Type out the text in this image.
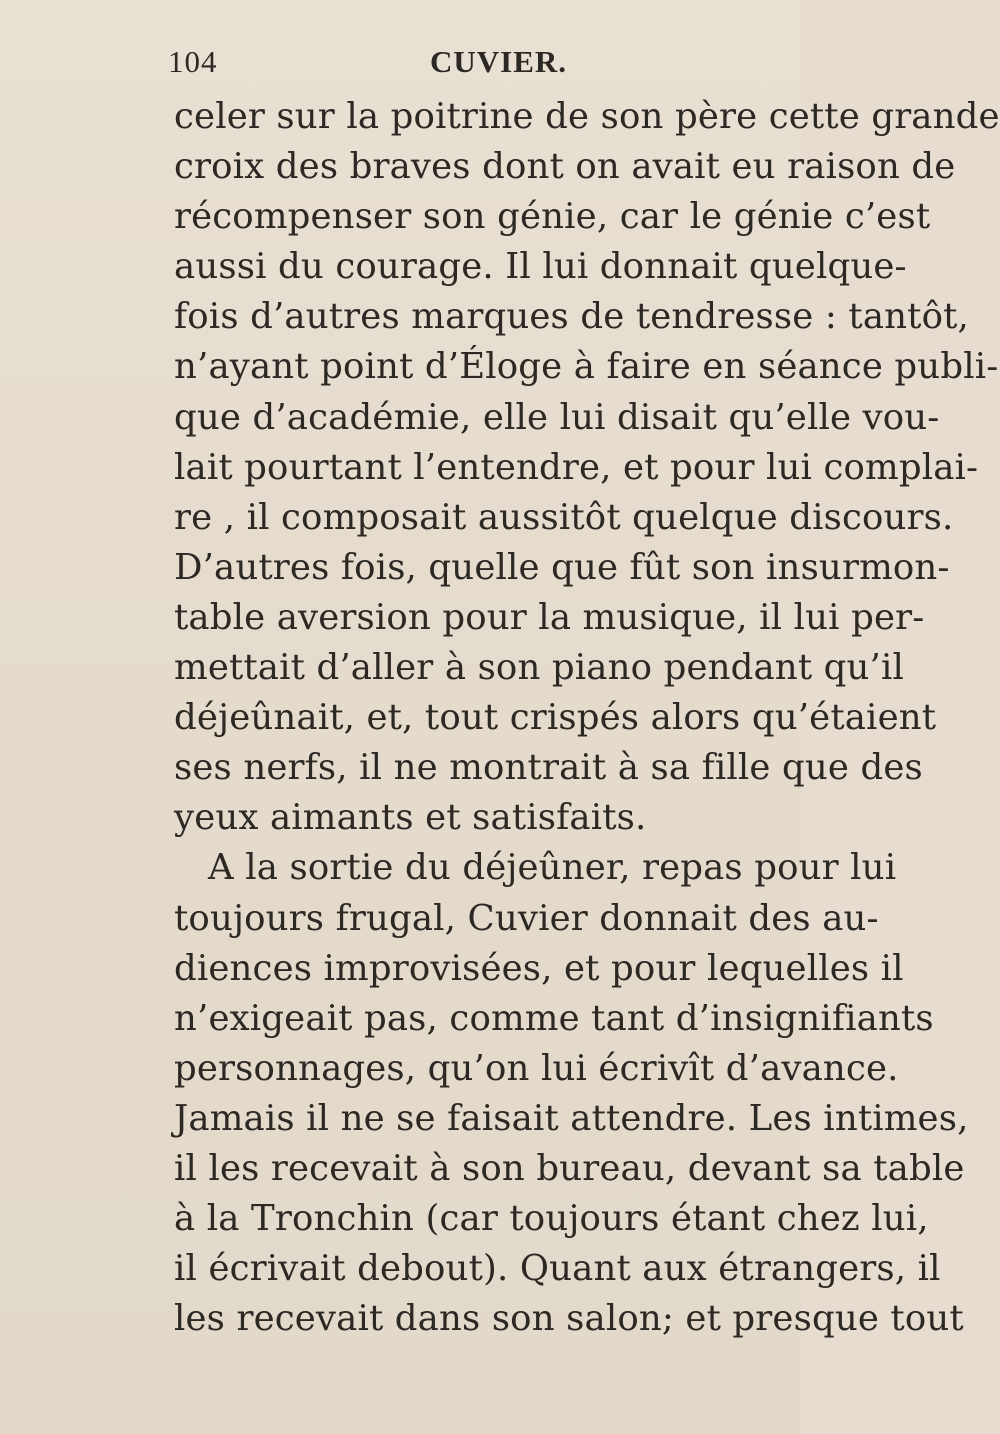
104	CUVIER.
celer sur la poitrine de son père cette grande
croix des braves dont on avait eu raison de
récompenser son génie, car le génie c’est
aussi du courage. Il lui donnait quelque-
fois d’autres marques de tendresse : tantôt,
n’ayant point d’Éloge à faire en séance publi-
que d’académie, elle lui disait qu’elle vou-
lait pourtant l’entendre, et pour lui complai-
re , il composait aussitôt quelque discours.
D’autres fois, quelle que fût son insurmon-
table aversion pour la musique, il lui per-
mettait d’aller à son piano pendant qu’il
déjeûnait, et, tout crispés alors qu’étaient
ses nerfs, il ne montrait à sa fille que des
yeux aimants et satisfaits.
A la sortie du déjeûner, repas pour lui
toujours frugal, Cuvier donnait des au-
diences improvisées, et pour lequelles il
n’exigeait pas, comme tant d’insignifiants
personnages, qu’on lui écrivît d’avance.
Jamais il ne se faisait attendre. Les intimes,
il les recevait à son bureau, devant sa table
à la Tronchin (car toujours étant chez lui,
il écrivait debout). Quant aux étrangers, il
les recevait dans son salon; et presque tout
